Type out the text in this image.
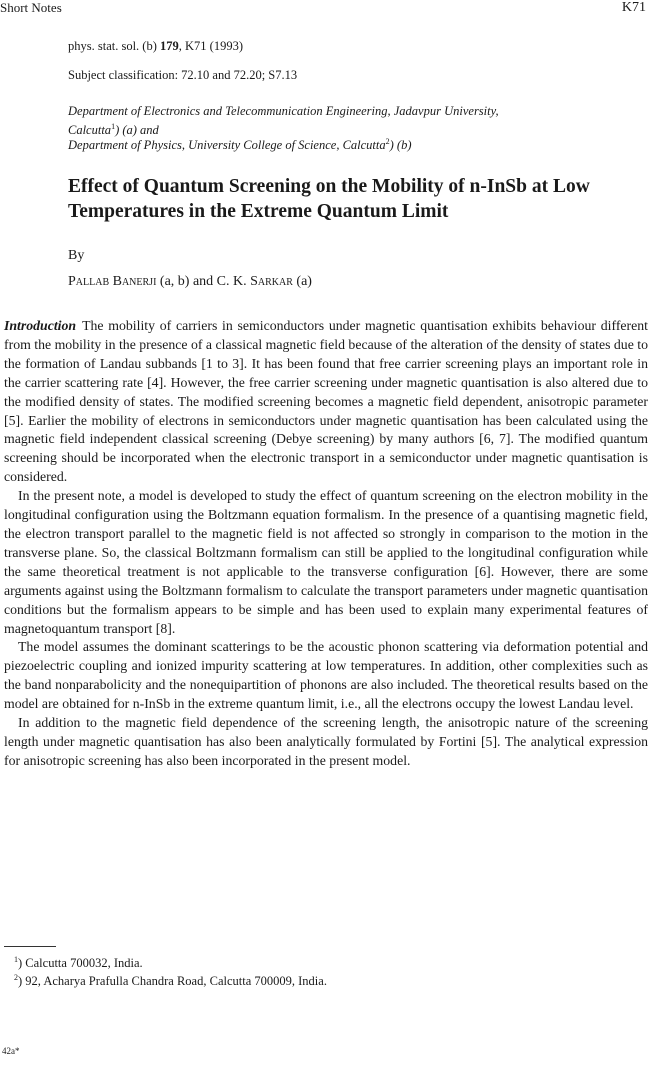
Short Notes	K71
phys. stat. sol. (b) 179, K71 (1993)
Subject classification: 72.10 and 72.20; S7.13
Department of Electronics and Telecommunication Engineering, Jadavpur University,
Calcutta$^1$) (a) and
Department of Physics, University College of Science, Calcutta$^2$) (b)
Effect of Quantum Screening on the Mobility of n-InSb at Low Temperatures in the Extreme Quantum Limit
By
Pallab Banerji (a, b) and C. K. Sarkar (a)

Introduction The mobility of carriers in semiconductors under magnetic quantisation exhibits behaviour different from the mobility in the presence of a classical magnetic field because of the alteration of the density of states due to the formation of Landau subbands [1 to 3]. It has been found that free carrier screening plays an important role in the carrier scattering rate [4]. However, the free carrier screening under magnetic quantisation is also altered due to the modified density of states. The modified screening becomes a magnetic field dependent, anisotropic parameter [5]. Earlier the mobility of electrons in semiconductors under magnetic quantisation has been calculated using the magnetic field independent classical screening (Debye screening) by many authors [6, 7]. The modified quantum screening should be incorporated when the electronic transport in a semiconductor under magnetic quantisation is considered.

In the present note, a model is developed to study the effect of quantum screening on the electron mobility in the longitudinal configuration using the Boltzmann equation formalism. In the presence of a quantising magnetic field, the electron transport parallel to the magnetic field is not affected so strongly in comparison to the motion in the transverse plane. So, the classical Boltzmann formalism can still be applied to the longitudinal configuration while the same theoretical treatment is not applicable to the transverse configuration [6]. However, there are some arguments against using the Boltzmann formalism to calculate the transport parameters under magnetic quantisation conditions but the formalism appears to be simple and has been used to explain many experimental features of magnetoquantum transport [8].

The model assumes the dominant scatterings to be the acoustic phonon scattering via deformation potential and piezoelectric coupling and ionized impurity scattering at low temperatures. In addition, other complexities such as the band nonparabolicity and the nonequipartition of phonons are also included. The theoretical results based on the model are obtained for n-InSb in the extreme quantum limit, i.e., all the electrons occupy the lowest Landau level.

In addition to the magnetic field dependence of the screening length, the anisotropic nature of the screening length under magnetic quantisation has also been analytically formulated by Fortini [5]. The analytical expression for anisotropic screening has also been incorporated in the present model.

$^1$) Calcutta 700032, India.
$^2$) 92, Acharya Prafulla Chandra Road, Calcutta 700009, India.
42a*
